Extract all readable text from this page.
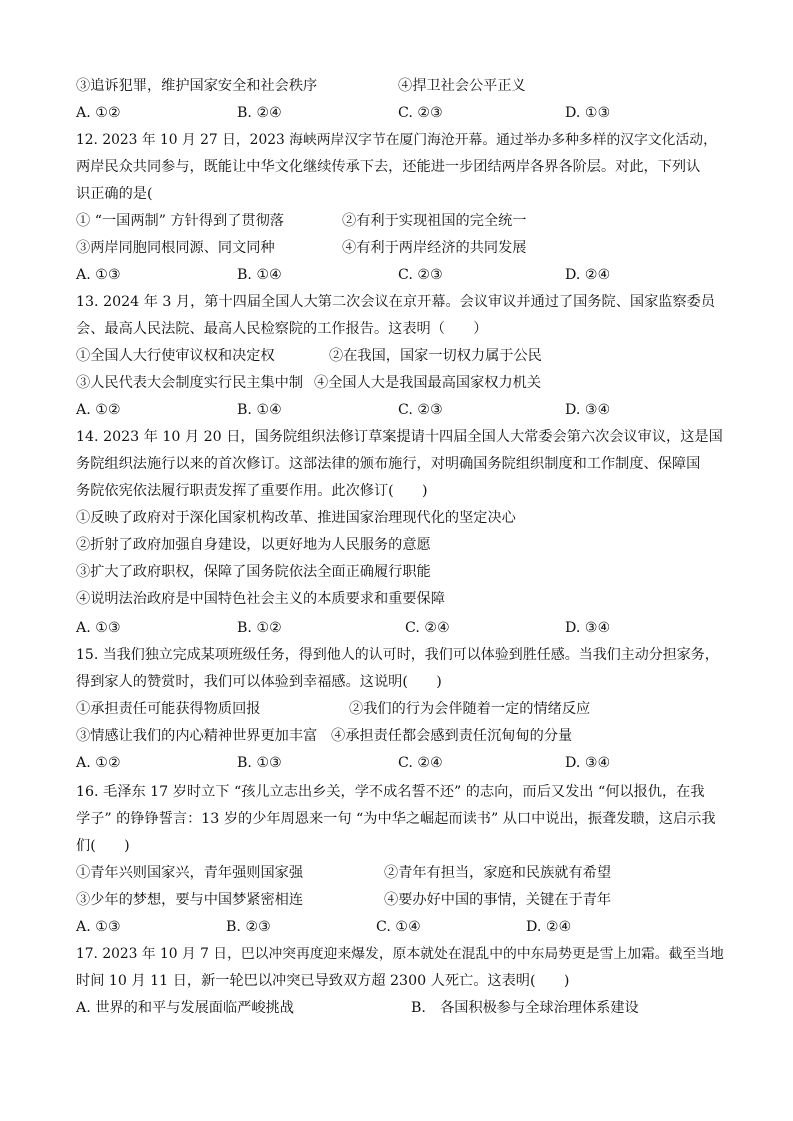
③追诉犯罪，维护国家安全和社会秩序	④捍卫社会公平正义
A. ①②	B. ②④	C. ②③	D. ①③
12. 2023 年 10 月 27 日，2023 海峡两岸汉字节在厦门海沧开幕。通过举办多种多样的汉字文化活动，
两岸民众共同参与，既能让中华文化继续传承下去，还能进一步团结两岸各界各阶层。对此，下列认
识正确的是(
① “一国两制” 方针得到了贯彻落	②有利于实现祖国的完全统一
③两岸同胞同根同源、同文同种	④有利于两岸经济的共同发展
A. ①③	B. ①④	C. ②③	D. ②④
13. 2024 年 3 月，第十四届全国人大第二次会议在京开幕。会议审议并通过了国务院、国家监察委员
会、最高人民法院、最高人民检察院的工作报告。这表明（　　）
①全国人大行使审议权和决定权	②在我国，国家一切权力属于公民
③人民代表大会制度实行民主集中制 ④全国人大是我国最高国家权力机关
A. ①②	B. ①④	C. ②③	D. ③④
14. 2023 年 10 月 20 日，国务院组织法修订草案提请十四届全国人大常委会第六次会议审议，这是国
务院组织法施行以来的首次修订。这部法律的颁布施行，对明确国务院组织制度和工作制度、保障国
务院依宪依法履行职责发挥了重要作用。此次修订(　　)
①反映了政府对于深化国家机构改革、推进国家治理现代化的坚定决心
②折射了政府加强自身建设，以更好地为人民服务的意愿
③扩大了政府职权，保障了国务院依法全面正确履行职能
④说明法治政府是中国特色社会主义的本质要求和重要保障
A. ①③	B. ①②	C. ②④	D. ③④
15. 当我们独立完成某项班级任务，得到他人的认可时，我们可以体验到胜任感。当我们主动分担家务，
得到家人的赞赏时，我们可以体验到幸福感。这说明(　　)
①承担责任可能获得物质回报	②我们的行为会伴随着一定的情绪反应
③情感让我们的内心精神世界更加丰富 ④承担责任都会感到责任沉甸甸的分量
A. ①②	B. ①③	C. ②④	D. ③④
16. 毛泽东 17 岁时立下 “孩儿立志出乡关，学不成名誓不还” 的志向，而后又发出 “何以报仇，在我
学子” 的铮铮誓言：13 岁的少年周恩来一句 “为中华之崛起而读书” 从口中说出，振聋发聩，这启示我
们(　　)
①青年兴则国家兴，青年强则国家强	②青年有担当，家庭和民族就有希望
③少年的梦想，要与中国梦紧密相连	④要办好中国的事情，关键在于青年
A. ①③	B. ②③	C. ①④	D. ②④
17. 2023 年 10 月 7 日，巴以冲突再度迎来爆发，原本就处在混乱中的中东局势更是雪上加霜。截至当地
时间 10 月 11 日，新一轮巴以冲突已导致双方超 2300 人死亡。这表明(　　)
A. 世界的和平与发展面临严峻挑战	B.　各国积极参与全球治理体系建设
